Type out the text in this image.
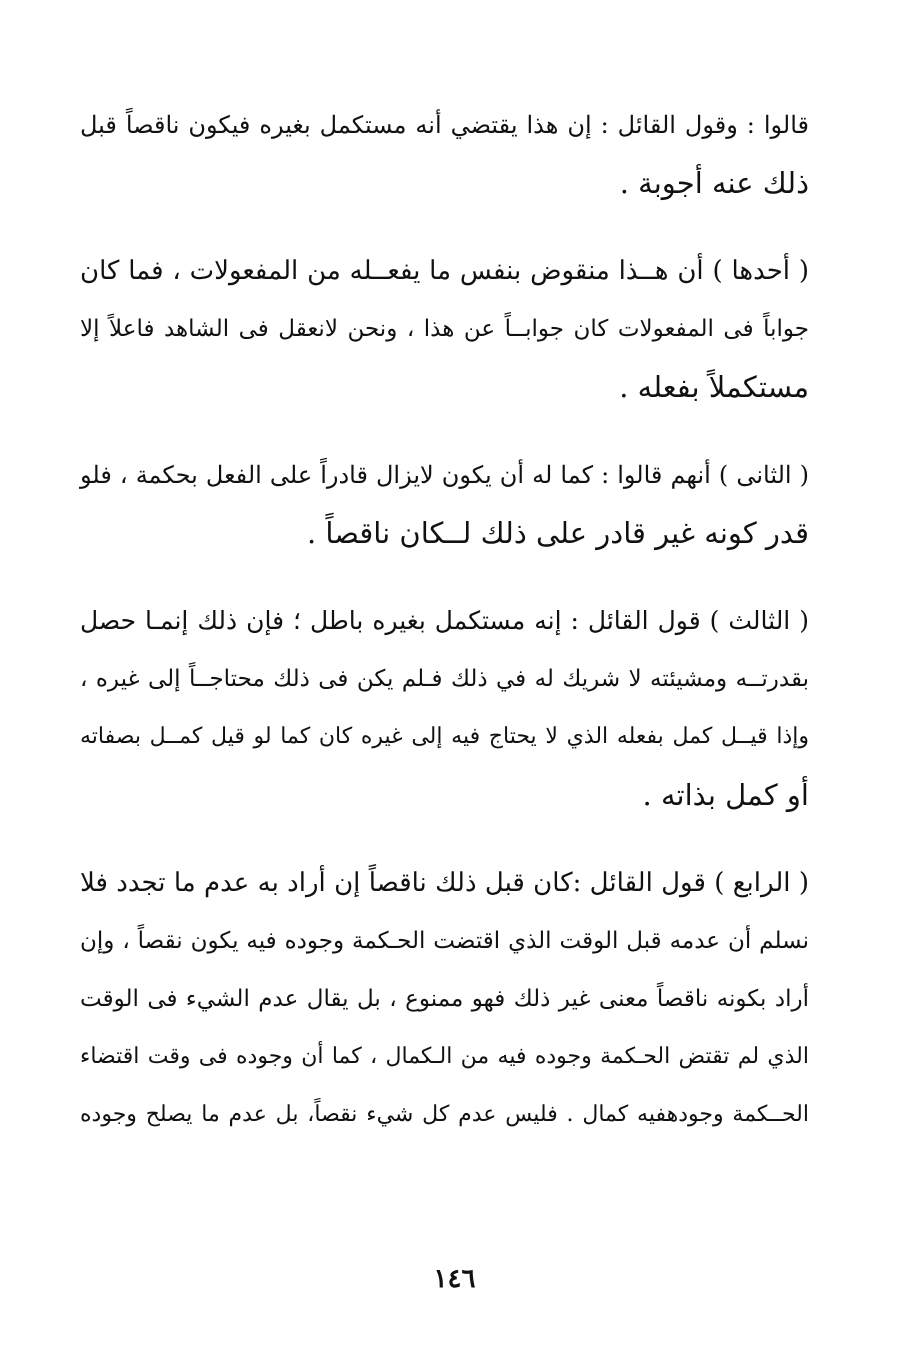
قالوا : وقول القائل : إن هذا يقتضي أنه مستكمل بغيره فيكون ناقصاً قبل
ذلك عنه أجوبة .

( أحدها ) أن هــذا منقوض بنفس ما يفعــله من المفعولات ، فما كان
جواباً فى المفعولات كان جوابــاً عن هذا ، ونحن لانعقل فى الشاهد فاعلاً إلا
مستكملاً بفعله .

( الثانى ) أنهم قالوا : كما له أن يكون لايزال قادراً على الفعل بحكمة ، فلو
قدر كونه غير قادر على ذلك لــكان ناقصاً .

( الثالث ) قول القائل : إنه مستكمل بغيره باطل ؛ فإن ذلك إنمـا حصل
بقدرتــه ومشيئته لا شريك له في ذلك فـلم يكن فى ذلك محتاجــاً إلى غيره ،
وإذا قيــل كمل بفعله الذي لا يحتاج فيه إلى غيره كان كما لو قيل كمــل بصفاته
أو كمل بذاته .

( الرابع ) قول القائل :كان قبل ذلك ناقصاً إن أراد به عدم ما تجدد فلا
نسلم أن عدمه قبل الوقت الذي اقتضت الحـكمة وجوده فيه يكون نقصاً ، وإن
أراد بكونه ناقصاً معنى غير ذلك فهو ممنوع ، بل يقال عدم الشيء فى الوقت
الذي لم تقتض الحـكمة وجوده فيه من الـكمال ، كما أن وجوده فى وقت اقتضاء
الحــكمة وجودهفيه كمال . فليس عدم كل شيء نقصاً، بل عدم ما يصلح وجوده

١٤٦
